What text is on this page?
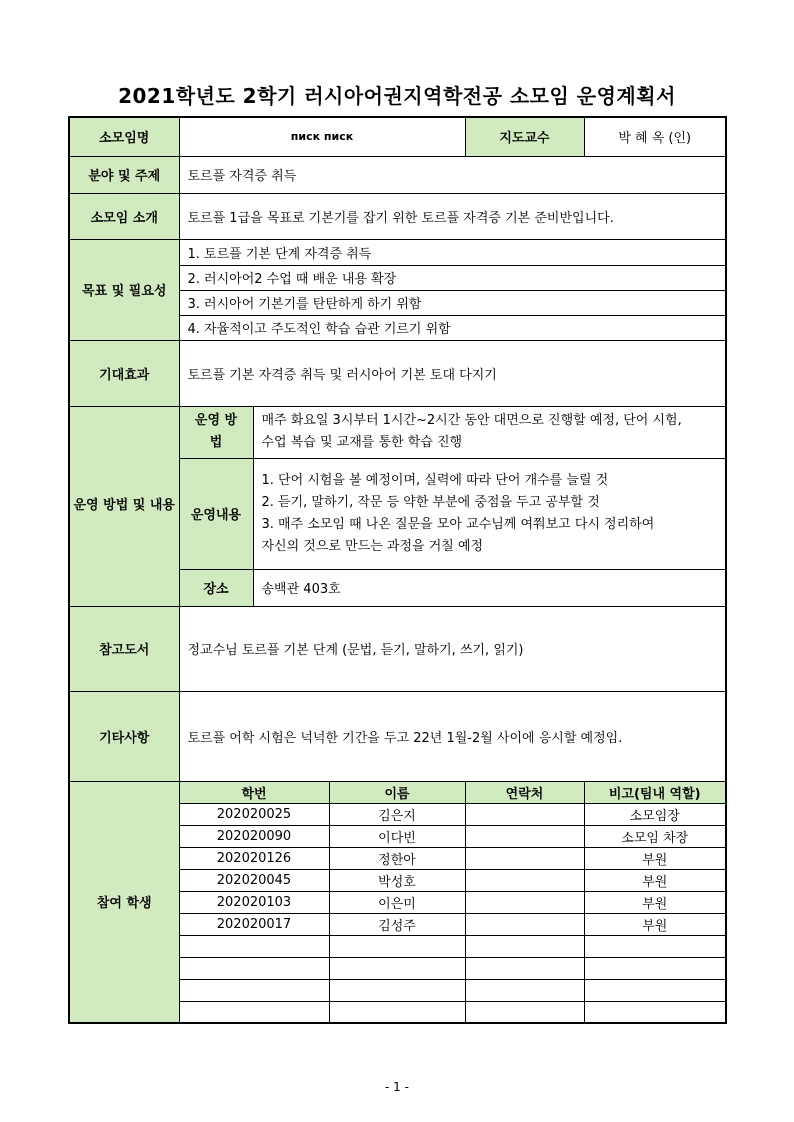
2021학년도 2학기 러시아어권지역학전공 소모임 운영계획서
소모임명	писк писк			지도교수	박 혜 옥 (인)
분야 및 주제	토르플 자격증 취득				
소모임 소개	토르플 1급을 목표로 기본기를 잡기 위한 토르플 자격증 기본 준비반입니다.				
목표 및 필요성	1. 토르플 기본 단계 자격증 취득				
	2. 러시아어2 수업 때 배운 내용 확장				
	3. 러시아어 기본기를 탄탄하게 하기 위함				
	4. 자율적이고 주도적인 학습 습관 기르기 위함				
기대효과	토르플 기본 자격증 취득 및 러시아어 기본 토대 다지기				
운영 방법 및 내용	운영 방법	매주 화요일 3시부터 1시간~2시간 동안 대면으로 진행할 예정, 단어 시험,
수업 복습 및 교재를 통한 학습 진행			

	운영내용	1. 단어 시험을 볼 예정이며, 실력에 따라 단어 개수를 늘릴 것
2. 듣기, 말하기, 작문 등 약한 부분에 중점을 두고 공부할 것
3. 매주 소모임 때 나온 질문을 모아 교수님께 여쭤보고 다시 정리하여
자신의 것으로 만드는 과정을 거칠 예정			

	장소	송백관 403호			
참고도서	정교수님 토르플 기본 단계 (문법, 듣기, 말하기, 쓰기, 읽기)				
기타사항	토르플 어학 시험은 넉넉한 기간을 두고 22년 1월-2월 사이에 응시할 예정임.				
참여 학생	학번		이름	연락처	비고(팀내 역할)
	202020025		김은지		소모임장
	202020090		이다빈		소모임 차장
	202020126		정한아		부원
	202020045		박성호		부원
	202020103		이은미		부원
	202020017		김성주		부원

- 1 -
